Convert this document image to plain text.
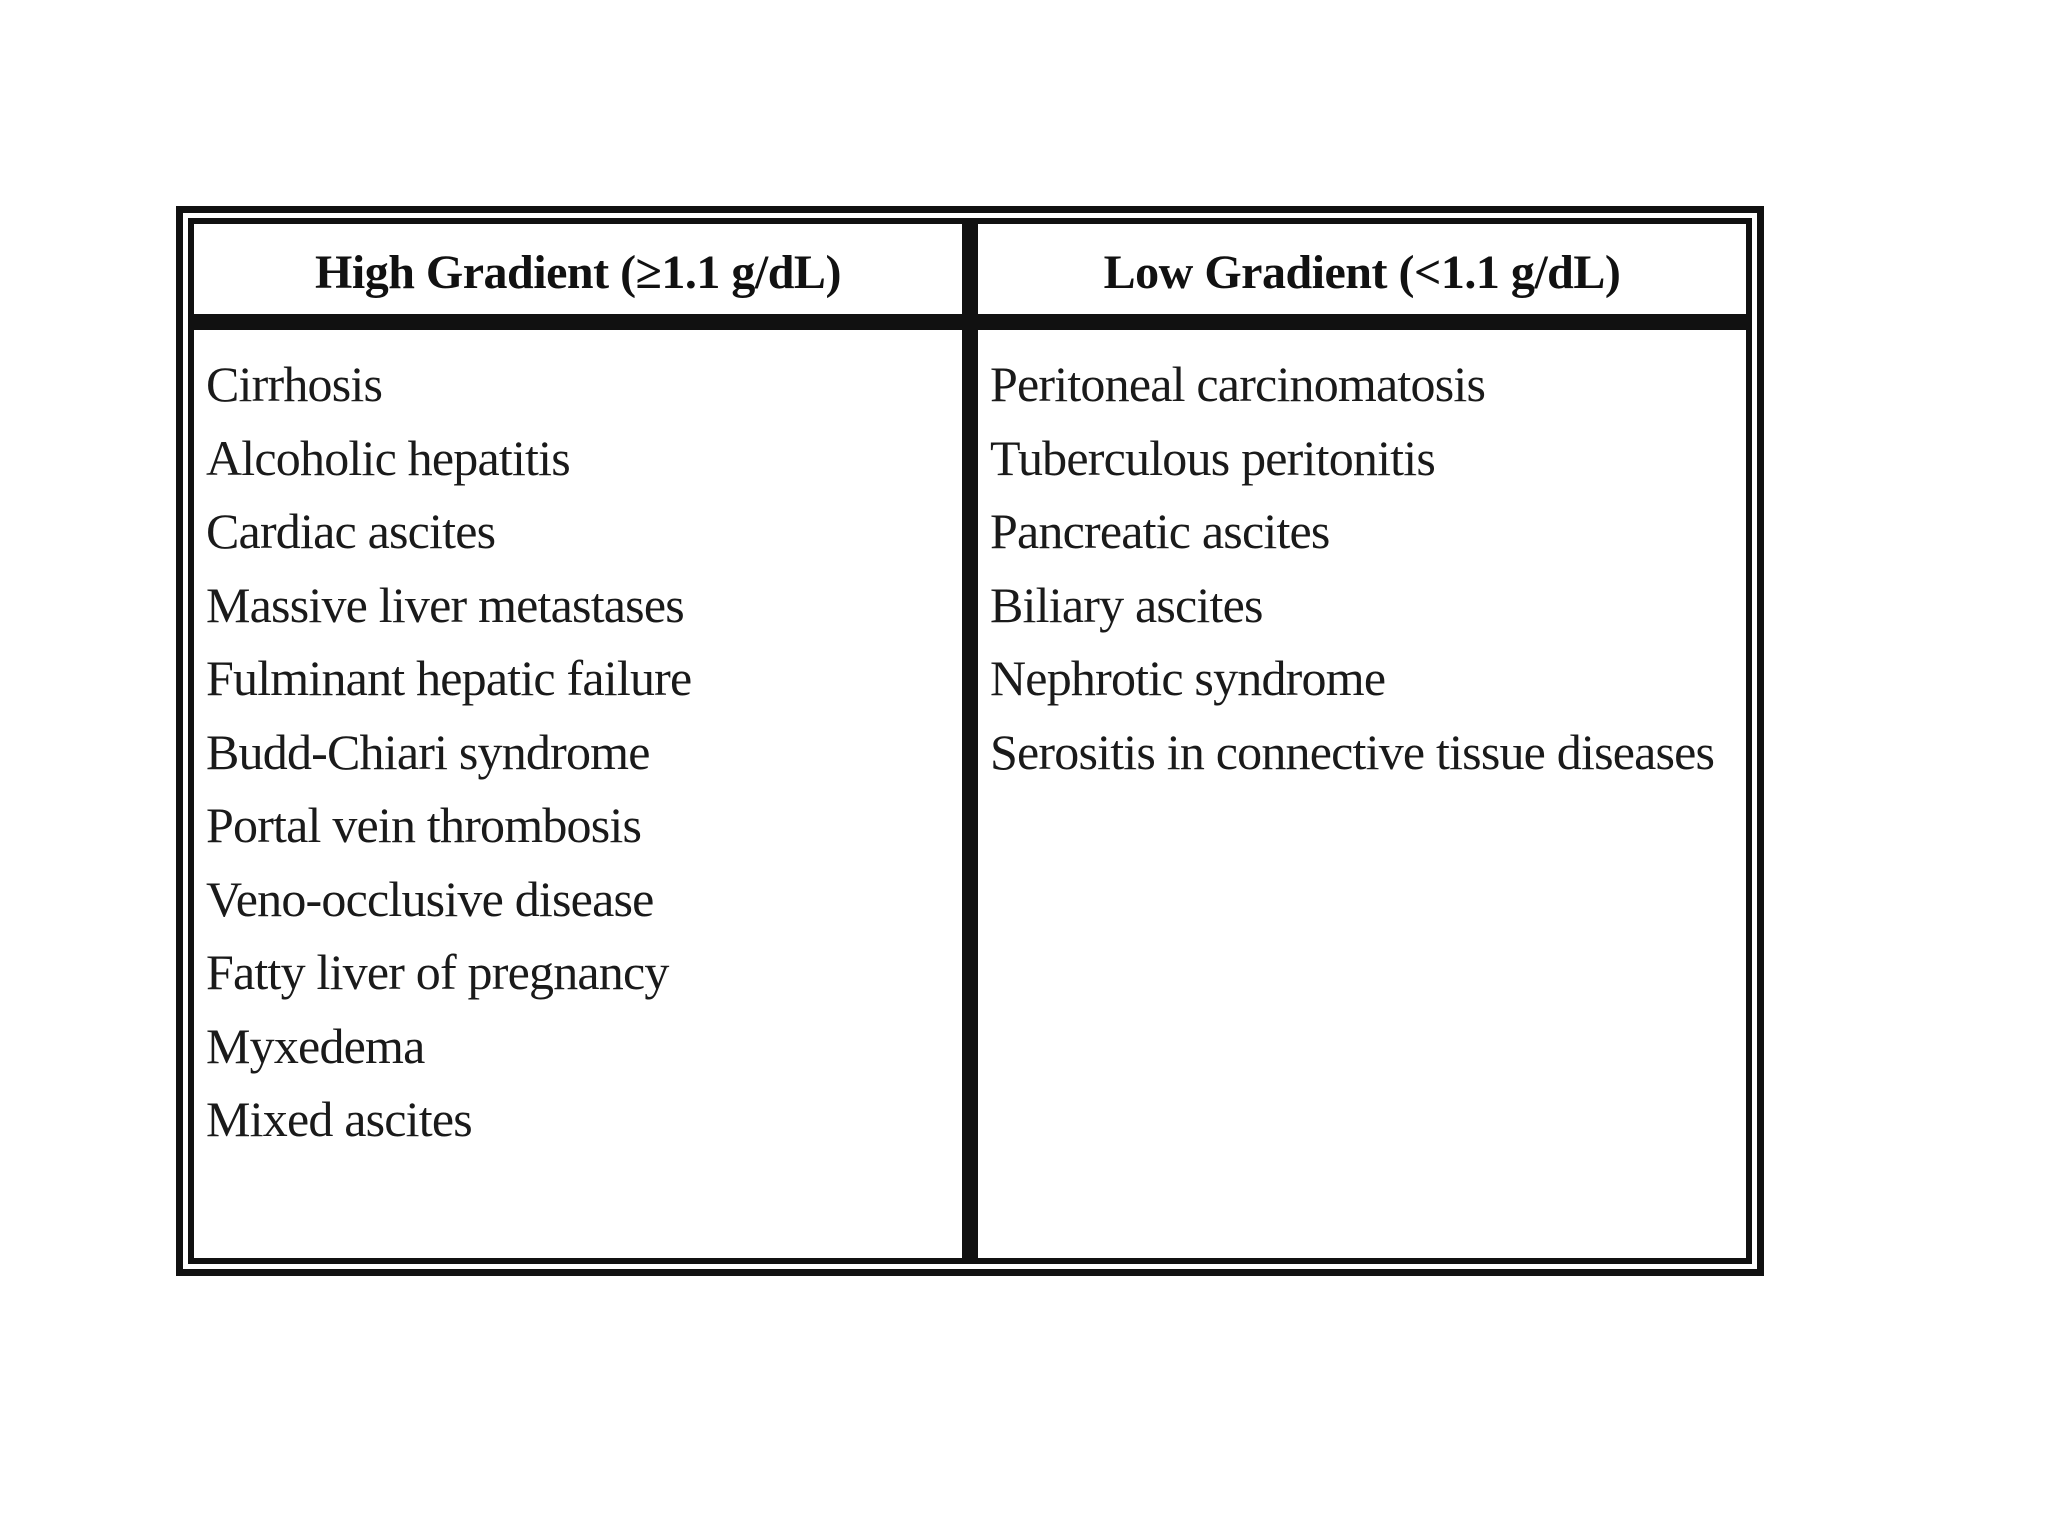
High Gradient (≥1.1 g/dL)	Low Gradient (<1.1 g/dL)
Cirrhosis
Alcoholic hepatitis
Cardiac ascites
Massive liver metastases
Fulminant hepatic failure
Budd-Chiari syndrome
Portal vein thrombosis
Veno-occlusive disease
Fatty liver of pregnancy
Myxedema
Mixed ascites
Peritoneal carcinomatosis
Tuberculous peritonitis
Pancreatic ascites
Biliary ascites
Nephrotic syndrome
Serositis in connective tissue diseases
